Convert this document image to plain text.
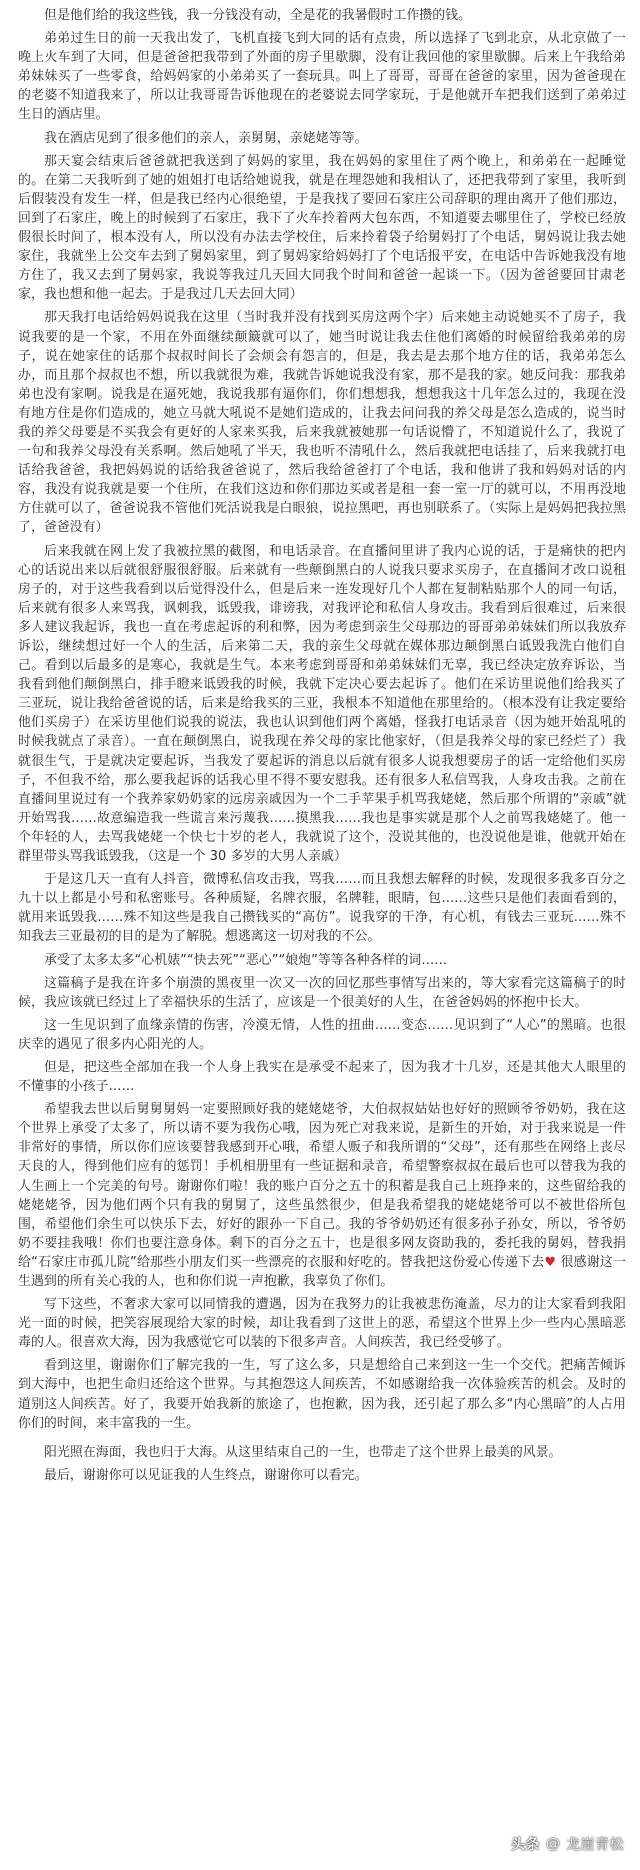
但是他们给的我这些钱，我一分钱没有动，全是花的我暑假时工作攒的钱。

弟弟过生日的前一天我出发了，飞机直接飞到大同的话有点贵，所以选择了飞到北京，从北京做了一晚上火车到了大同，但是爸爸把我带到了外面的房子里歇脚，没有让我回他的家里歇脚。后来上午我给弟弟妹妹买了一些零食，给妈妈家的小弟弟买了一套玩具。叫上了哥哥，哥哥在爸爸的家里，因为爸爸现在的老婆不知道我来了，所以让我哥哥告诉他现在的老婆说去同学家玩，于是他就开车把我们送到了弟弟过生日的酒店里。

我在酒店见到了很多他们的亲人，亲舅舅，亲姥姥等等。

那天宴会结束后爸爸就把我送到了妈妈的家里，我在妈妈的家里住了两个晚上，和弟弟在一起睡觉的。在第二天我听到了她的姐姐打电话给她说我，就是在埋怨她和我相认了，还把我带到了家里，我听到后假装没有发生一样，但是我已经内心很绝望，于是我找了要回石家庄公司辞职的理由离开了他们那边，回到了石家庄，晚上的时候到了石家庄，我下了火车拎着两大包东西，不知道要去哪里住了，学校已经放假很长时间了，根本没有人，所以没有办法去学校住，后来拎着袋子给舅妈打了个电话，舅妈说让我去她家住，我就坐上公交车去到了舅妈家里，到了舅妈家给妈妈打了个电话报平安，在电话中告诉她我没有地方住了，我又去到了舅妈家，我说等我过几天回大同我个时间和爸爸一起谈一下。（因为爸爸要回甘肃老家，我也想和他一起去。于是我过几天去回大同）

那天我打电话给妈妈说我在这里（当时我并没有找到买房这两个字）后来她主动说她买不了房子，我说我要的是一个家，不用在外面继续颠簸就可以了，她当时说让我去住他们离婚的时候留给我弟弟的房子，说在她家住的话那个叔叔时间长了会烦会有怨言的，但是，我去是去那个地方住的话，我弟弟怎么办，而且那个叔叔也不想，所以我就很为难，我就告诉她说我没有家，那不是我的家。她反问我：那我弟弟也没有家啊。说我是在逼死她，我说我那有逼你们，你们想想我，想想我这十几年怎么过的，我现在没有地方住是你们造成的，她立马就大吼说不是她们造成的，让我去问问我的养父母是怎么造成的，说当时我的养父母要是不买我会有更好的人家来买我，后来我就被她那一句话说懵了，不知道说什么了，我说了一句和我养父母没有关系啊。然后她吼了半天，我也听不清吼什么，然后我就把电话挂了，后来我就打电话给我爸爸，我把妈妈说的话给我爸爸说了，然后我给爸爸打了个电话，我和他讲了我和妈妈对话的内容，我没有说我就是要一个住所，在我们这边和你们那边买或者是租一套一室一厅的就可以，不用再没地方住就可以了，爸爸说我不管他们死活说我是白眼狼，说拉黑吧，再也别联系了。（实际上是妈妈把我拉黑了，爸爸没有）

后来我就在网上发了我被拉黑的截图，和电话录音。在直播间里讲了我内心说的话，于是痛快的把内心的话说出来以后就很舒服很舒服。后来就有一些颠倒黑白的人说我只要求买房子，在直播间才改口说租房子的，对于这些我看到以后觉得没什么，但是后来一连发现好几个人都在复制粘贴那个人的同一句话，后来就有很多人来骂我，讽刺我，诋毁我，诽谤我，对我评论和私信人身攻击。我看到后很难过，后来很多人建议我起诉，我也一直在考虑起诉的利和弊，因为考虑到亲生父母那边的哥哥弟弟妹妹们所以我放弃诉讼，继续想过好一个人的生活，后来第二天，我的亲生父母就在媒体那边颠倒黑白诋毁我洗白他们自己。看到以后最多的是寒心，我就是生气。本来考虑到哥哥和弟弟妹妹们无辜，我已经决定放弃诉讼，当我看到他们颠倒黑白，排手瞪来诋毁我的时候，我就下定决心要去起诉了。他们在采访里说他们给我买了三亚玩，说让我给爸爸说的话，后来是给我买的三亚，我根本不知道他在那里给的。（根本没有让我定要给他们买房子）在采访里他们说我的说法，我也认识到他们两个离婚，怪我打电话录音（因为她开始乱吼的时候我就点了录音）。一直在颠倒黑白，说我现在养父母的家比他家好，（但是我养父母的家已经烂了）我就很生气，于是就决定要起诉，当我发了要起诉的消息以后就有很多人说我想要房子的话一定给他们买房子，不但我不给，那么要我起诉的话我心里不得不要安慰我。还有很多人私信骂我，人身攻击我。之前在直播间里说过有一个我养家奶奶家的远房亲戚因为一个二手苹果手机骂我姥姥，然后那个所谓的“亲戚”就开始骂我……故意编造我一些谎言来污蔑我……摸黑我……我也是事实就是那个人之前骂我姥姥了。他一个年轻的人，去骂我姥姥一个快七十岁的老人，我就说了这个，没说其他的，也没说他是谁，他就开始在群里带头骂我诋毁我，（这是一个 30 多岁的大男人亲戚）

于是这几天一直有人抖音，微博私信攻击我，骂我……而且我想去解释的时候，发现很多我多百分之九十以上都是小号和私密账号。各种质疑，名牌衣服，名牌鞋，眼睛，包……这些只是他们表面看到的，就用来诋毁我……殊不知这些是我自己攒钱买的“高仿”。说我穿的干净，有心机，有钱去三亚玩……殊不知我去三亚最初的目的是为了解脱。想逃离这一切对我的不公。

承受了太多太多“心机婊”“快去死”“恶心”“娘炮”等等各种各样的词……

这篇稿子是我在许多个崩溃的黑夜里一次又一次的回忆那些事情写出来的，等大家看完这篇稿子的时候，我应该就已经过上了幸福快乐的生活了，应该是一个很美好的人生，在爸爸妈妈的怀抱中长大。

这一生见识到了血缘亲情的伤害，冷漠无情，人性的扭曲……变态……见识到了“人心”的黑暗。也很庆幸的遇见了很多内心阳光的人。

但是，把这些全部加在我一个人身上我实在是承受不起来了，因为我才十几岁，还是其他大人眼里的不懂事的小孩子……

希望我去世以后舅舅舅妈一定要照顾好我的姥姥姥爷，大伯叔叔姑姑也好好的照顾爷爷奶奶，我在这个世界上承受了太多了，所以请不要为我伤心哦，因为死亡对我来说，是新生的开始，对于我来说是一件非常好的事情，所以你们应该要替我感到开心哦，希望人贩子和我所谓的“父母”，还有那些在网络上丧尽天良的人，得到他们应有的惩罚！手机相册里有一些证据和录音，希望警察叔叔在最后也可以替我为我的人生画上一个完美的句号。谢谢你们啦！我的账户百分之五十的积蓄是我自己上班挣来的，这些留给我的姥姥姥爷，因为他们两个只有我的舅舅了，这些虽然很少，但是我希望我的姥姥姥爷可以不被世俗所包围，希望他们余生可以快乐下去，好好的跟孙一下自己。我的爷爷奶奶还有很多孙子孙女，所以，爷爷奶奶不要挂我哦！你们也要注意身体。剩下的百分之五十，也是很多网友资助我的，委托我的舅妈，替我捐给“石家庄市孤儿院”给那些小朋友们买一些漂亮的衣服和好吃的。替我把这份爱心传递下去♥ 很感谢这一生遇到的所有关心我的人，也和你们说一声抱歉，我辜负了你们。

写下这些，不奢求大家可以同情我的遭遇，因为在我努力的让我被悲伤淹盖，尽力的让大家看到我阳光一面的时候，把笑容展现给大家的时候，却让我看到了这世上的恶，希望这个世界上少一些内心黑暗恶毒的人。很喜欢大海，因为我感觉它可以装的下很多声音。人间疾苦，我已经受够了。

看到这里，谢谢你们了解完我的一生，写了这么多，只是想给自己来到这一生一个交代。把痛苦倾诉到大海中，也把生命归还给这个世界。与其抱怨这人间疾苦，不如感谢给我一次体验疾苦的机会。及时的道别这人间疾苦。好了，我要开始我新的旅途了，也抱歉，因为我，还引起了那么多“内心黑暗”的人占用你们的时间，来丰富我的一生。

阳光照在海面，我也归于大海。从这里结束自己的一生，也带走了这个世界上最美的风景。

最后，谢谢你可以见证我的人生终点，谢谢你可以看完。

头条 @ 龙崖青松
